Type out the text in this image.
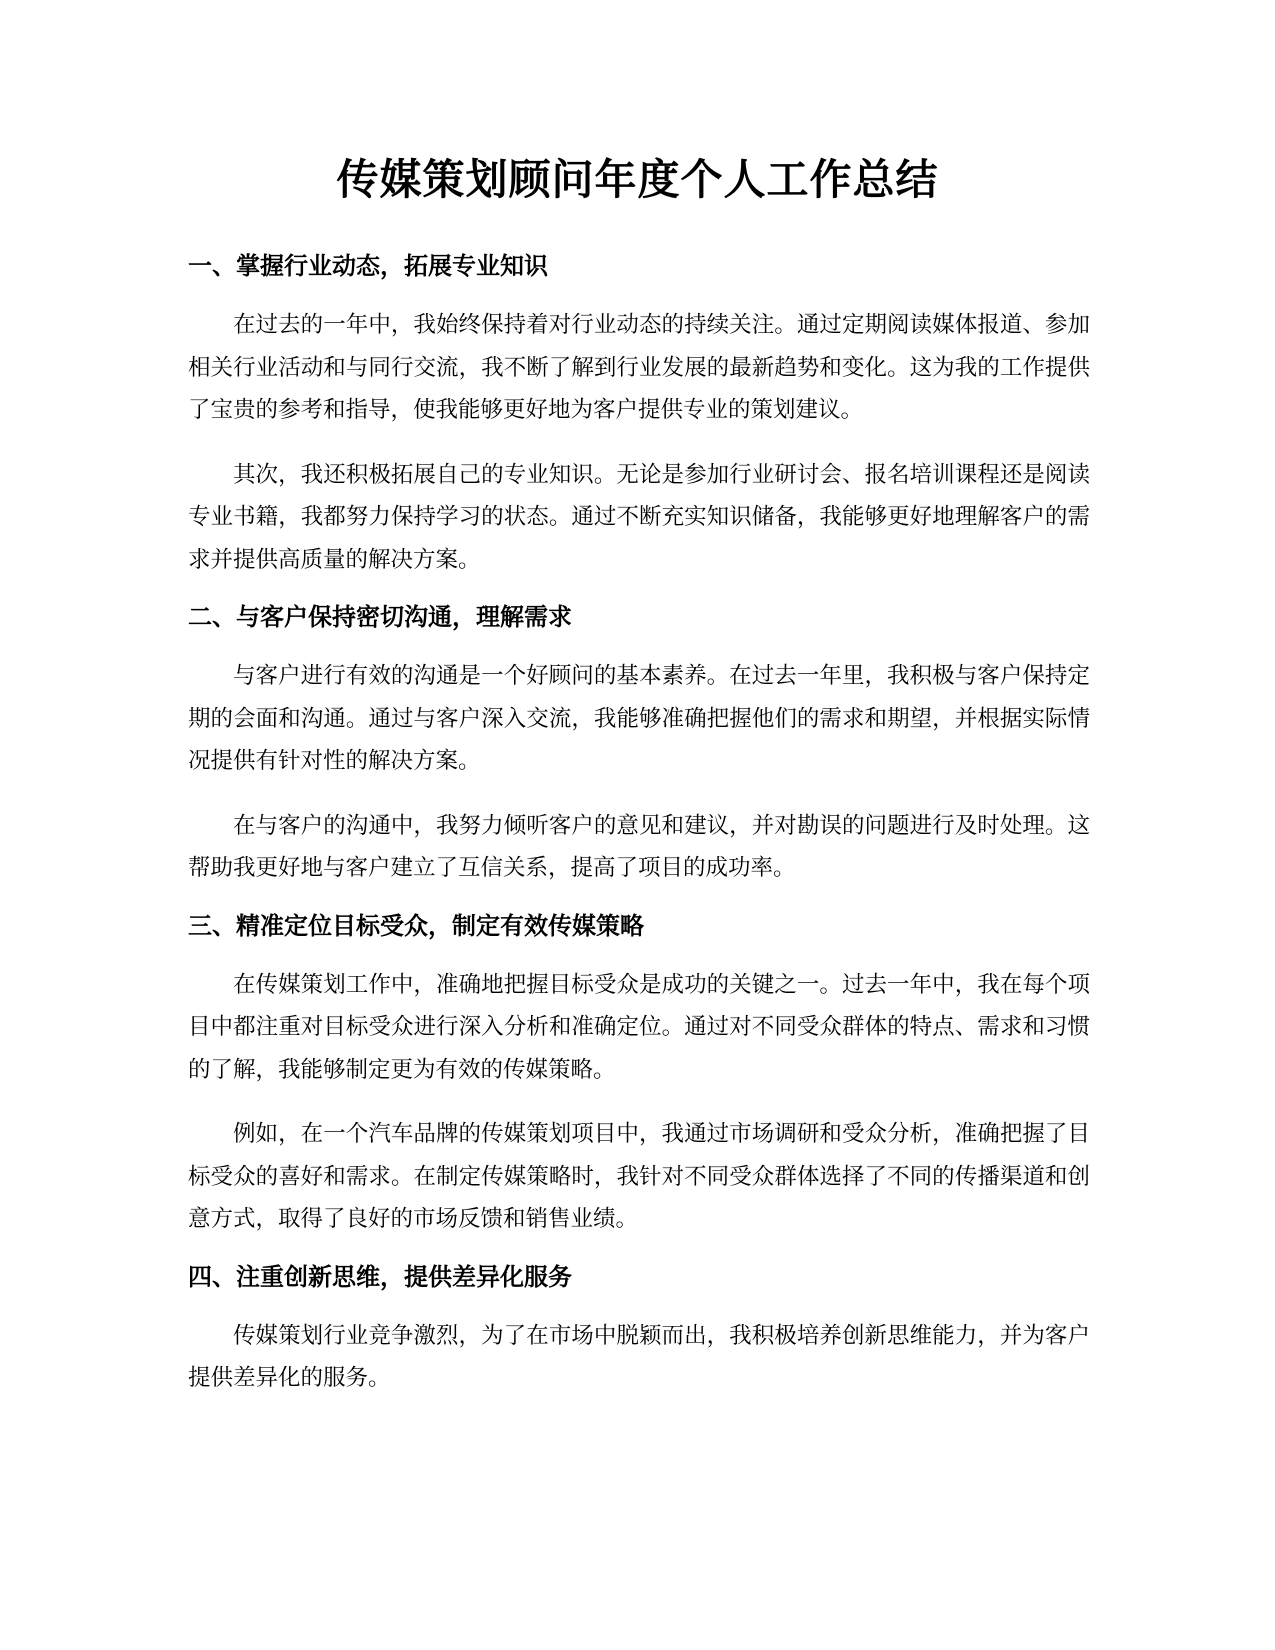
传媒策划顾问年度个人工作总结
一、掌握行业动态，拓展专业知识

在过去的一年中，我始终保持着对行业动态的持续关注。通过定期阅读媒体报道、参加相关行业活动和与同行交流，我不断了解到行业发展的最新趋势和变化。这为我的工作提供了宝贵的参考和指导，使我能够更好地为客户提供专业的策划建议。

其次，我还积极拓展自己的专业知识。无论是参加行业研讨会、报名培训课程还是阅读专业书籍，我都努力保持学习的状态。通过不断充实知识储备，我能够更好地理解客户的需求并提供高质量的解决方案。

二、与客户保持密切沟通，理解需求

与客户进行有效的沟通是一个好顾问的基本素养。在过去一年里，我积极与客户保持定期的会面和沟通。通过与客户深入交流，我能够准确把握他们的需求和期望，并根据实际情况提供有针对性的解决方案。

在与客户的沟通中，我努力倾听客户的意见和建议，并对勘误的问题进行及时处理。这帮助我更好地与客户建立了互信关系，提高了项目的成功率。

三、精准定位目标受众，制定有效传媒策略

在传媒策划工作中，准确地把握目标受众是成功的关键之一。过去一年中，我在每个项目中都注重对目标受众进行深入分析和准确定位。通过对不同受众群体的特点、需求和习惯的了解，我能够制定更为有效的传媒策略。

例如，在一个汽车品牌的传媒策划项目中，我通过市场调研和受众分析，准确把握了目标受众的喜好和需求。在制定传媒策略时，我针对不同受众群体选择了不同的传播渠道和创意方式，取得了良好的市场反馈和销售业绩。

四、注重创新思维，提供差异化服务

传媒策划行业竞争激烈，为了在市场中脱颖而出，我积极培养创新思维能力，并为客户提供差异化的服务。
